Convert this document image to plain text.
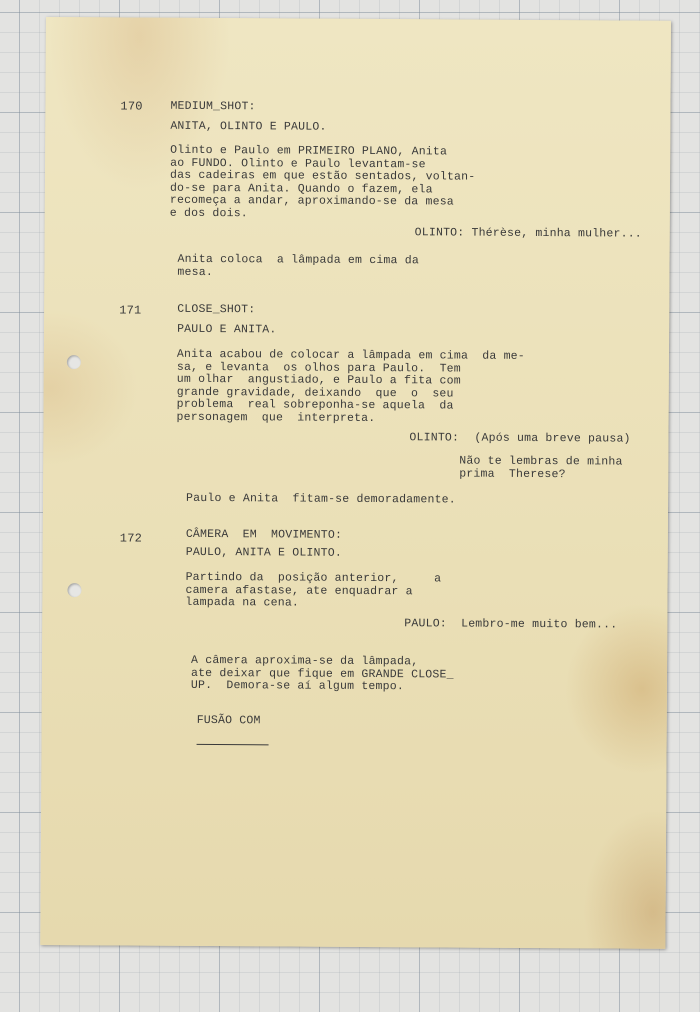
170 MEDIUM_SHOT:
ANITA, OLINTO E PAULO.
Olinto e Paulo em PRIMEIRO PLANO, Anita
ao FUNDO. Olinto e Paulo levantam-se
das cadeiras em que estão sentados, voltan-
do-se para Anita. Quando o fazem, ela
recomeça a andar, aproximando-se da mesa
e dos dois.
OLINTO: Thérèse, minha mulher...
Anita coloca  a lâmpada em cima da
mesa.
171	CLOSE_SHOT:
PAULO E ANITA.
Anita acabou de colocar a lâmpada em cima  da me-
sa, e levanta  os olhos para Paulo.  Tem
um olhar  angustiado, e Paulo a fita com
grande gravidade, deixando  que  o  seu
problema  real sobreponha-se aquela  da
personagem  que  interpreta.
OLINTO: (Após uma breve pausa)
Não te lembras de minha
prima  Therese?
Paulo e Anita  fitam-se demoradamente.
172	CÂMERA  EM  MOVIMENTO:
PAULO, ANITA E OLINTO.
Partindo da  posição anterior,     a
camera afastase, ate enquadrar a
lampada na cena.
PAULO:  Lembro-me muito bem...
A câmera aproxima-se da lâmpada,
ate deixar que fique em GRANDE CLOSE_
UP.  Demora-se aí algum tempo.
FUSÃO COM
